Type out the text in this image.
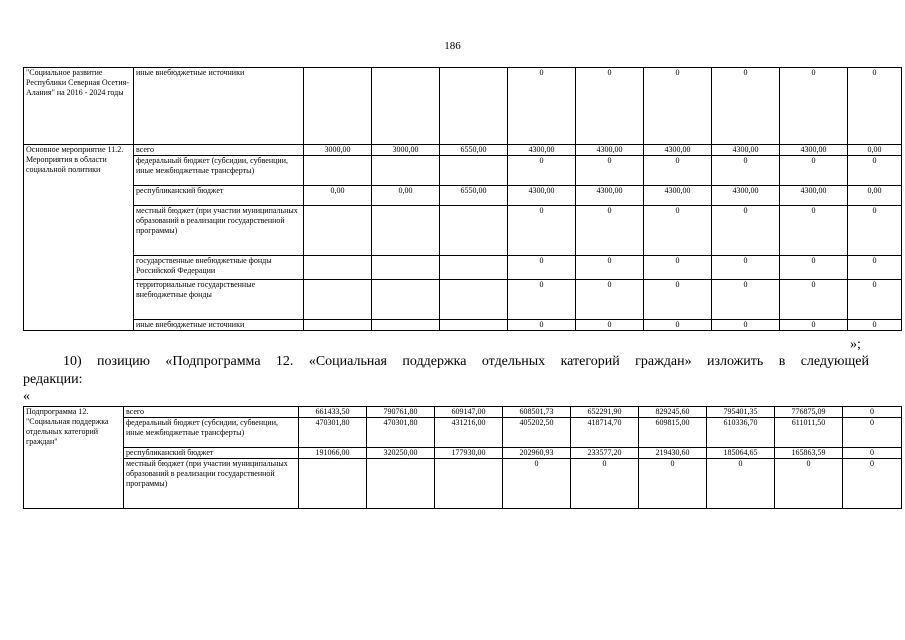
186
"Социальное развитие Республики Северная Осетия-Алания" на 2016 - 2024 годы	иные внебюджетные источники				0	0	0	0	0	0

Основное мероприятие 11.2. Мероприятия в области социальной политики	всего	3000,00	3000,00	6550,00	4300,00	4300,00	4300,00	4300,00	4300,00	0,00
	федеральный бюджет (субсидии, субвенции, иные межбюджетные трансферты)				0	0	0	0	0	0
	республиканский бюджет	0,00	0,00	6550,00	4300,00	4300,00	4300,00	4300,00	4300,00	0,00
	местный бюджет (при участии муниципальных образований в реализации государственной программы)				0	0	0	0	0	0
	государственные внебюджетные фонды Российской Федерации				0	0	0	0	0	0
	территориальные государственные внебюджетные фонды				0	0	0	0	0	0
	иные внебюджетные источники				0	0	0	0	0	0
»;
10) позицию «Подпрограмма 12. «Социальная поддержка отдельных категорий граждан» изложить в следующей
редакции:
«
Подпрограмма 12.
"Социальная поддержка отдельных категорий граждан"	всего	661433,50	790761,80	609147,00	608501,73	652291,90	829245,60	795401,35	776875,09	0
	федеральный бюджет (субсидии, субвенции, иные межбюджетные трансферты)	470301,80	470301,80	431216,00	405202,50	418714,70	609815,00	610336,70	611011,50	0
	республиканский бюджет	191066,00	320250,00	177930,00	202960,93	233577,20	219430,60	185064,65	165863,59	0
	местный бюджет (при участии муниципальных образований в реализации государственной программы)				0	0	0	0	0	0
